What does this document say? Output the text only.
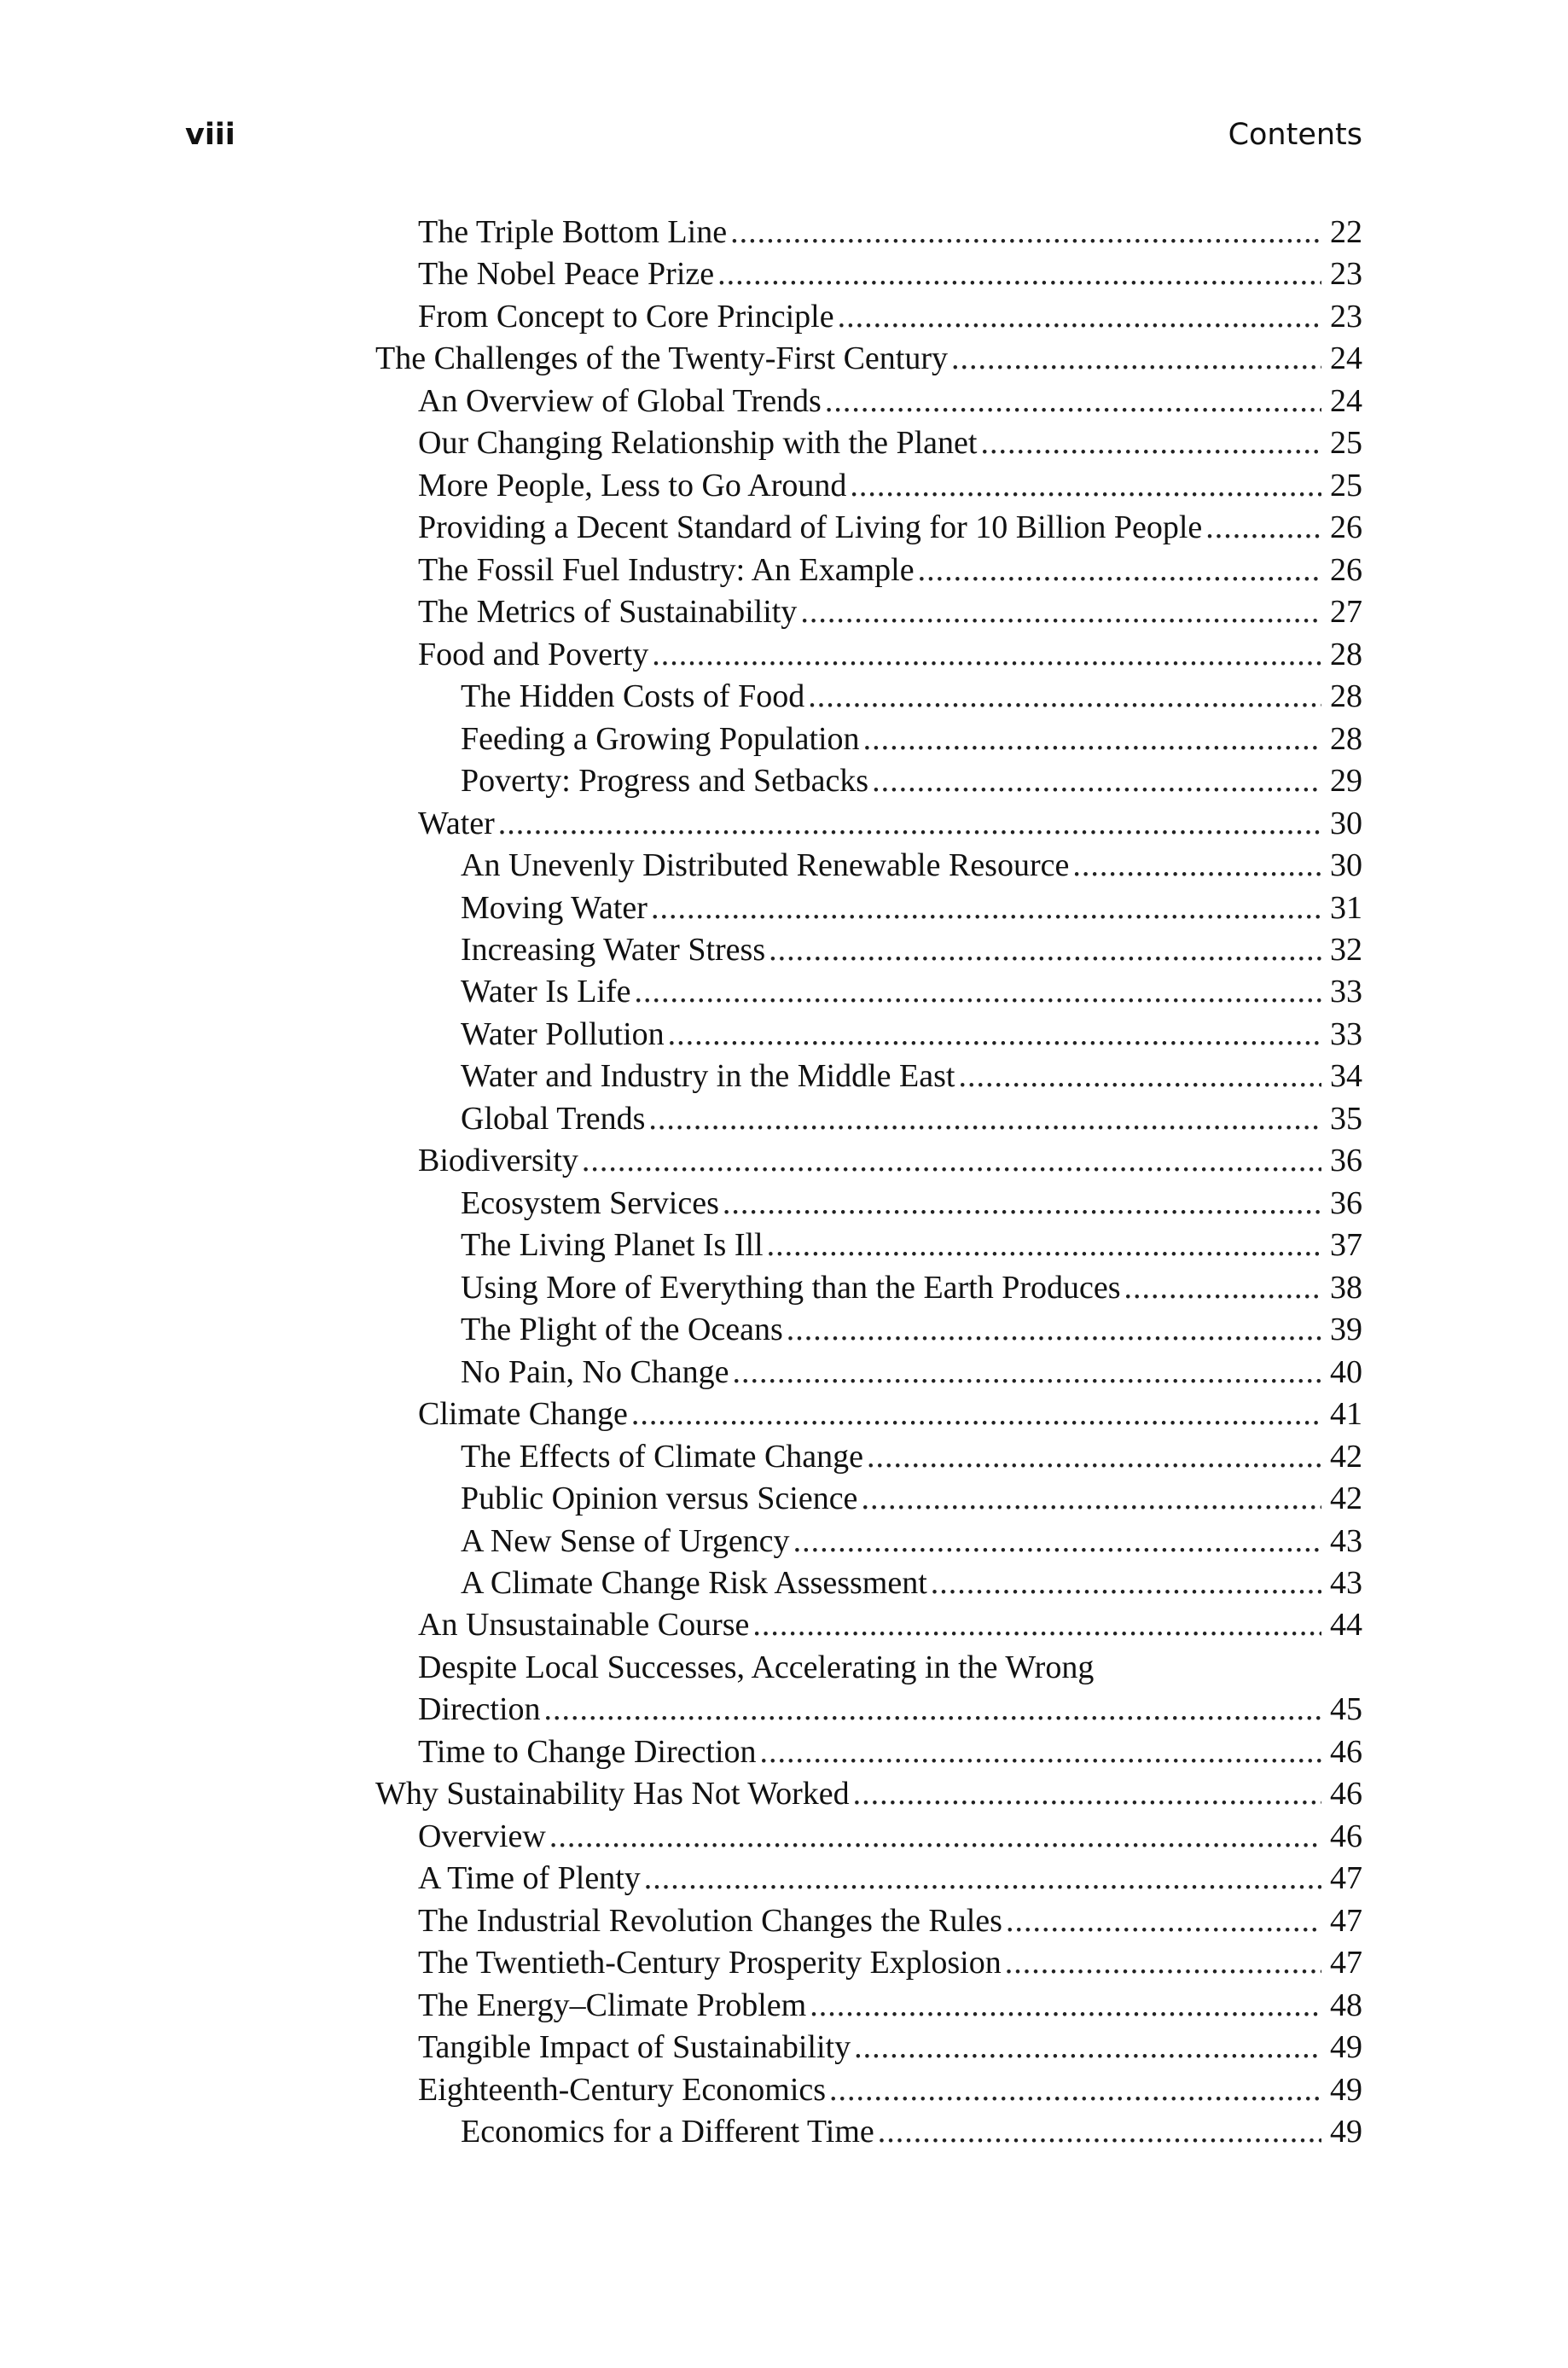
viii	Contents
The Triple Bottom Line .....	22
The Nobel Peace Prize .....	23
From Concept to Core Principle .....	23
The Challenges of the Twenty-First Century .....	24
An Overview of Global Trends .....	24
Our Changing Relationship with the Planet .....	25
More People, Less to Go Around .....	25
Providing a Decent Standard of Living for 10 Billion People .....	26
The Fossil Fuel Industry: An Example .....	26
The Metrics of Sustainability .....	27
Food and Poverty .....	28
The Hidden Costs of Food .....	28
Feeding a Growing Population .....	28
Poverty: Progress and Setbacks .....	29
Water .....	30
An Unevenly Distributed Renewable Resource .....	30
Moving Water .....	31
Increasing Water Stress .....	32
Water Is Life .....	33
Water Pollution .....	33
Water and Industry in the Middle East .....	34
Global Trends .....	35
Biodiversity .....	36
Ecosystem Services .....	36
The Living Planet Is Ill .....	37
Using More of Everything than the Earth Produces .....	38
The Plight of the Oceans .....	39
No Pain, No Change .....	40
Climate Change .....	41
The Effects of Climate Change .....	42
Public Opinion versus Science .....	42
A New Sense of Urgency .....	43
A Climate Change Risk Assessment .....	43
An Unsustainable Course .....	44
Despite Local Successes, Accelerating in the Wrong
Direction .....	45
Time to Change Direction .....	46
Why Sustainability Has Not Worked .....	46
Overview .....	46
A Time of Plenty .....	47
The Industrial Revolution Changes the Rules .....	47
The Twentieth-Century Prosperity Explosion .....	47
The Energy–Climate Problem .....	48
Tangible Impact of Sustainability .....	49
Eighteenth-Century Economics .....	49
Economics for a Different Time .....	49
